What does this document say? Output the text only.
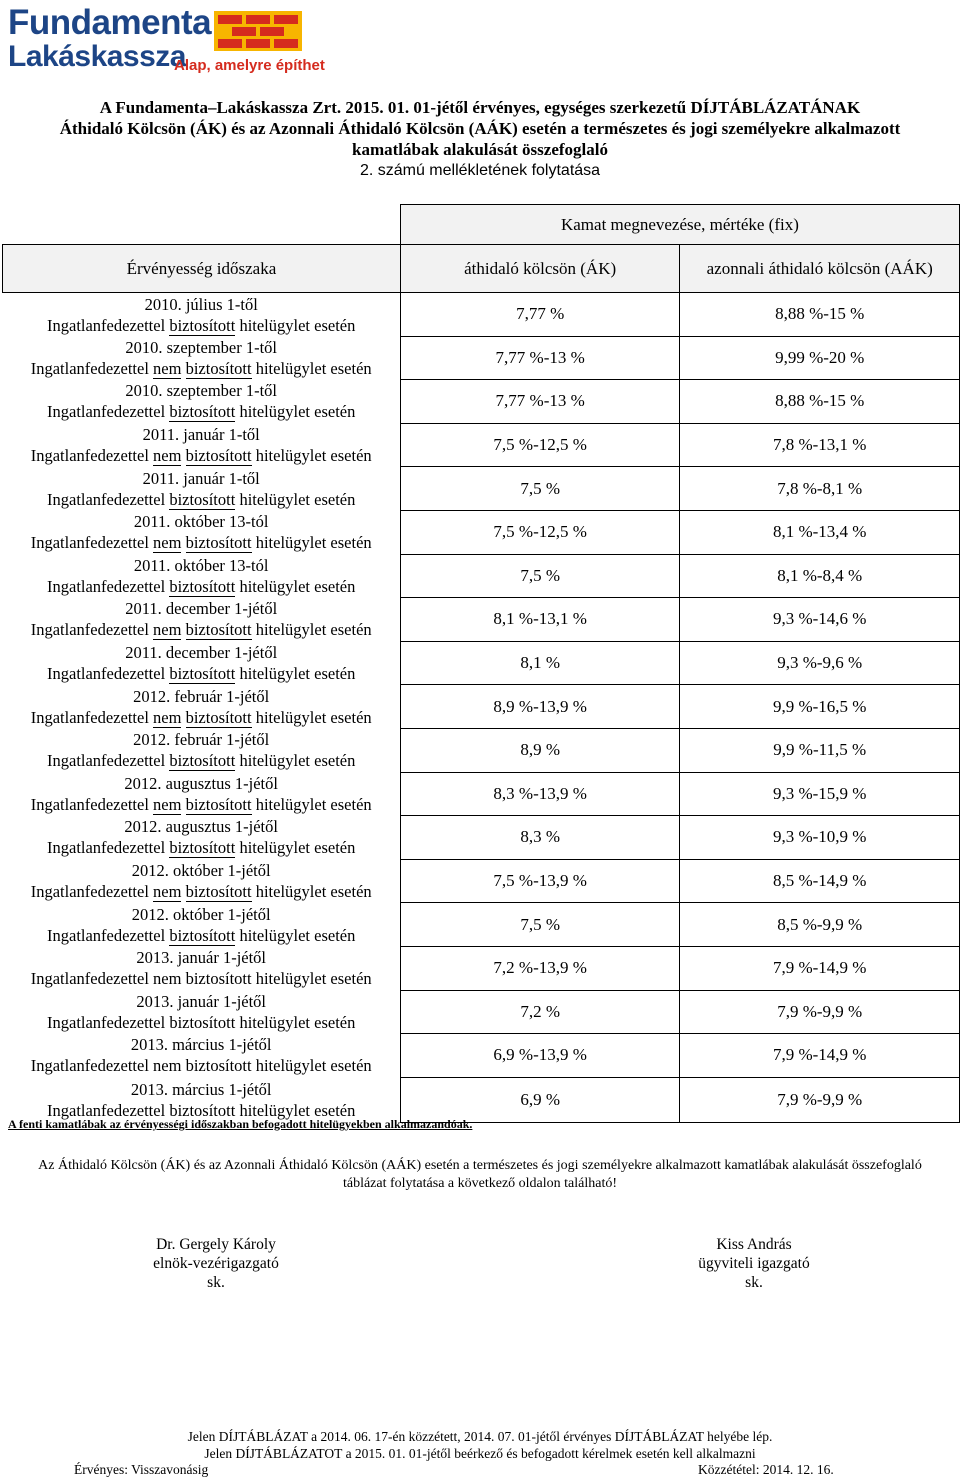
Fundamenta
Lakáskassza
Alap, amelyre építhet
A Fundamenta–Lakáskassza Zrt. 2015. 01. 01-jétől érvényes, egységes szerkezetű DÍJTÁBLÁZATÁNAK
Áthidaló Kölcsön (ÁK) és az Azonnali Áthidaló Kölcsön (AÁK) esetén a természetes és jogi személyekre alkalmazott
kamatlábak alakulását összefoglaló
2. számú mellékletének folytatása
	Kamat megnevezése, mértéke (fix)	
Érvényesség időszaka	áthidaló kölcsön (ÁK)	azonnali áthidaló kölcsön (AÁK)

2010. július 1-től
Ingatlanfedezettel biztosított hitelügylet esetén	7,77 %	8,88 %-15 %

2010. szeptember 1-től
Ingatlanfedezettel nem biztosított hitelügylet esetén	7,77 %-13 %	9,99 %-20 %

2010. szeptember 1-től
Ingatlanfedezettel biztosított hitelügylet esetén	7,77 %-13 %	8,88 %-15 %

2011. január 1-től
Ingatlanfedezettel nem biztosított hitelügylet esetén	7,5 %-12,5 %	7,8 %-13,1 %

2011. január 1-től
Ingatlanfedezettel biztosított hitelügylet esetén	7,5 %	7,8 %-8,1 %

2011. október 13-tól
Ingatlanfedezettel nem biztosított hitelügylet esetén	7,5 %-12,5 %	8,1 %-13,4 %

2011. október 13-tól
Ingatlanfedezettel biztosított hitelügylet esetén	7,5 %	8,1 %-8,4 %

2011. december 1-jétől
Ingatlanfedezettel nem biztosított hitelügylet esetén	8,1 %-13,1 %	9,3 %-14,6 %

2011. december 1-jétől
Ingatlanfedezettel biztosított hitelügylet esetén	8,1 %	9,3 %-9,6 %

2012. február 1-jétől
Ingatlanfedezettel nem biztosított hitelügylet esetén	8,9 %-13,9 %	9,9 %-16,5 %

2012. február 1-jétől
Ingatlanfedezettel biztosított hitelügylet esetén	8,9 %	9,9 %-11,5 %

2012. augusztus 1-jétől
Ingatlanfedezettel nem biztosított hitelügylet esetén	8,3 %-13,9 %	9,3 %-15,9 %

2012. augusztus 1-jétől
Ingatlanfedezettel biztosított hitelügylet esetén	8,3 %	9,3 %-10,9 %

2012. október 1-jétől
Ingatlanfedezettel nem biztosított hitelügylet esetén	7,5 %-13,9 %	8,5 %-14,9 %

2012. október 1-jétől
Ingatlanfedezettel biztosított hitelügylet esetén	7,5 %	8,5 %-9,9 %

2013. január 1-jétől
Ingatlanfedezettel nem biztosított hitelügylet esetén	7,2 %-13,9 %	7,9 %-14,9 %

2013. január 1-jétől
Ingatlanfedezettel biztosított hitelügylet esetén	7,2 %	7,9 %-9,9 %

2013. március 1-jétől
Ingatlanfedezettel nem biztosított hitelügylet esetén	6,9 %-13,9 %	7,9 %-14,9 %

2013. március 1-jétől
Ingatlanfedezettel biztosított hitelügylet esetén	6,9 %	7,9 %-9,9 %
A fenti kamatlábak az érvényességi időszakban befogadott hitelügyekben alkalmazandóak.
Az Áthidaló Kölcsön (ÁK) és az Azonnali Áthidaló Kölcsön (AÁK) esetén a természetes és jogi személyekre alkalmazott kamatlábak alakulását összefoglaló
táblázat folytatása a következő oldalon található!
Dr. Gergely Károly
elnök-vezérigazgató
sk.
Kiss András
ügyviteli igazgató
sk.
Jelen DÍJTÁBLÁZAT a 2014. 06. 17-én közzétett, 2014. 07. 01-jétől érvényes DÍJTÁBLÁZAT helyébe lép.
Jelen DÍJTÁBLÁZATOT a 2015. 01. 01-jétől beérkező és befogadott kérelmek esetén kell alkalmazni
Érvényes: Visszavonásig	Közzététel: 2014. 12. 16.
